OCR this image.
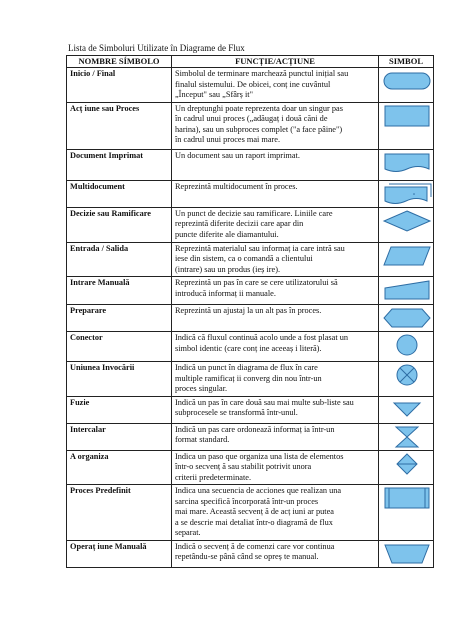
Lista de Simboluri Utilizate în Diagrame de Flux
NOMBRE SÍMBOLO	FUNCȚIE/ACȚIUNE	SIMBOL
Inicio / Final	Simbolul de terminare marchează punctul inițial sau
finalul sistemului. De obicei, conț ine cuvântul
„Început" sau „Sfârș it"

Acț iune sau Proces	Un dreptunghi poate reprezenta doar un singur pas
în cadrul unui proces („adăugaț i două căni de
harina), sau un subproces complet ("a face pâine")
în cadrul unui proces mai mare.

Document Imprimat	Un document sau un raport imprimat.

Multidocument	Reprezintă multidocument în proces.

Decizie sau Ramificare	Un punct de decizie sau ramificare. Liniile care
reprezintă diferite decizii care apar din
puncte diferite ale diamantului.

Entrada / Salida	Reprezintă materialul sau informaț ia care intră sau
iese din sistem, ca o comandă a clientului
(intrare) sau un produs (ieș ire).

Intrare Manuală	Reprezintă un pas în care se cere utilizatorului să
introducă informaț ii manuale.

Preparare	Reprezintă un ajustaj la un alt pas în proces.

Conector	Indică că fluxul continuă acolo unde a fost plasat un
simbol identic (care conț ine aceeaș i literă).

Uniunea Invocării	Indică un punct în diagrama de flux în care
multiple ramificaț ii converg din nou într-un
proces singular.

Fuzie	Indică un pas în care două sau mai multe sub-liste sau
subprocesele se transformă într-unul.

Intercalar	Indică un pas care ordonează informaț ia într-un
format standard.

A organiza	Indica un paso que organiza una lista de elementos
într-o secvenț ă sau stabilit potrivit unora
criterii predeterminate.

Proces Predefinit	Indica una secuencia de acciones que realizan una
sarcina specifică încorporată într-un proces
mai mare. Această secvenț ă de acț iuni ar putea
a se descrie mai detaliat într-o diagramă de flux
separat.

Operaț iune Manuală	Indică o secvenț ă de comenzi care vor continua
repetându-se până când se opreș te manual.
